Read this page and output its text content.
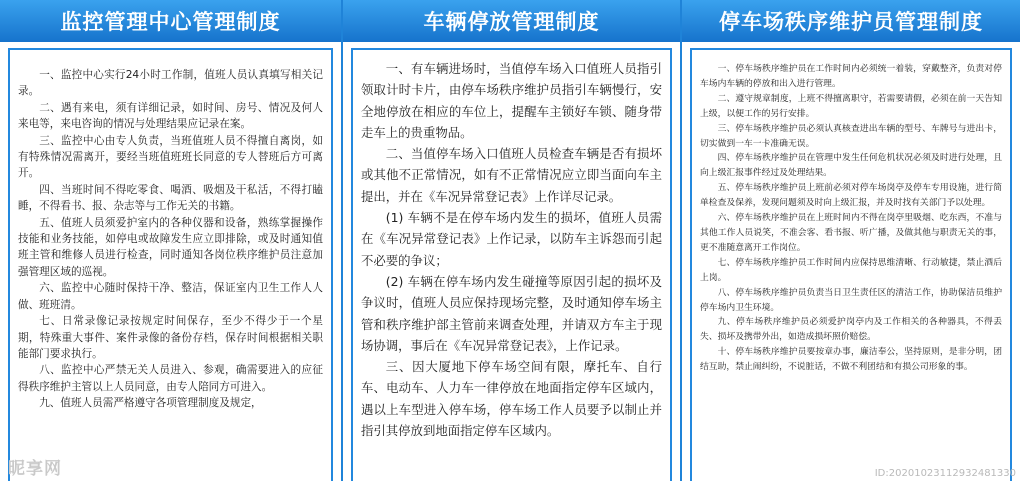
监控管理中心管理制度

一、监控中心实行24小时工作制，值班人员认真填写相关记录。

二、遇有来电，须有详细记录，如时间、房号、情况及何人来电等，来电咨询的情况与处理结果应记录在案。

三、监控中心由专人负责，当班值班人员不得擅自离岗，如有特殊情况需离开，要经当班值班班长同意的专人替班后方可离开。

四、当班时间不得吃零食、喝酒、吸烟及干私活，不得打瞌睡，不得看书、报、杂志等与工作无关的书籍。

五、值班人员须爱护室内的各种仪器和设备，熟练掌握操作技能和业务技能，如停电或故障发生应立即排除，或及时通知值班主管和维修人员进行检查，同时通知各岗位秩序维护员注意加强管理区域的巡视。

六、监控中心随时保持干净、整洁，保证室内卫生工作人人做、班班清。

七、日常录像记录按规定时间保存，至少不得少于一个星期，特殊重大事件、案件录像的备份存档，保存时间根据相关职能部门要求执行。

八、监控中心严禁无关人员进入、参观，确需要进入的应征得秩序维护主管以上人员同意，由专人陪同方可进入。

九、值班人员需严格遵守各项管理制度及规定，

车辆停放管理制度

一、有车辆进场时，当值停车场入口值班人员指引领取计时卡片，由停车场秩序维护员指引车辆慢行，安全地停放在相应的车位上，提醒车主锁好车锁、随身带走车上的贵重物品。

二、当值停车场入口值班人员检查车辆是否有损坏或其他不正常情况，如有不正常情况应立即当面向车主提出，并在《车况异常登记表》上作详尽记录。

(1) 车辆不是在停车场内发生的损坏，值班人员需在《车况异常登记表》上作记录，以防车主诉怨而引起不必要的争议；

(2) 车辆在停车场内发生碰撞等原因引起的损坏及争议时，值班人员应保持现场完整，及时通知停车场主管和秩序维护部主管前来调查处理，并请双方车主于现场协调，事后在《车况异常登记表》，上作记录。

三、因大厦地下停车场空间有限，摩托车、自行车、电动车、人力车一律停放在地面指定停车区域内，遇以上车型进入停车场，停车场工作人员要予以制止并指引其停放到地面指定停车区域内。

停车场秩序维护员管理制度

一、停车场秩序维护员在工作时间内必须统一着装，穿戴整齐，负责对停车场内车辆的停放和出入进行管理。

二、遵守规章制度，上班不得擅离职守，若需要请假，必须在前一天告知上级，以便工作的另行安排。

三、停车场秩序维护员必须认真核查进出车辆的型号、车牌号与进出卡，切实做到一车一卡准确无误。

四、停车场秩序维护员在管理中发生任何危机状况必须及时进行处理，且向上级汇报事件经过及处理结果。

五、停车场秩序维护员上班前必须对停车场岗亭及停车专用设施，进行简单检查及保养，发现问题须及时向上级汇报，并及时找有关部门予以处理。

六、停车场秩序维护员在上班时间内不得在岗亭里吸烟、吃东西，不准与其他工作人员说笑，不准会客、看书报、听广播，及做其他与职责无关的事，更不准随意离开工作岗位。

七、停车场秩序维护员工作时间内应保持思维清晰、行动敏捷，禁止酒后上岗。

八、停车场秩序维护员负责当日卫生责任区的清洁工作，协助保洁员维护停车场内卫生环境。

九、停车场秩序维护员必须爱护岗亭内及工作相关的各种器具，不得丢失、损坏及携带外出，如造成损坏照价赔偿。

十、停车场秩序维护员要按章办事，廉洁奉公，坚持原则，是非分明，团结互助，禁止闹纠纷，不说脏话，不做不利团结和有损公司形象的事。

昵享网	ID:20201023112932481330
